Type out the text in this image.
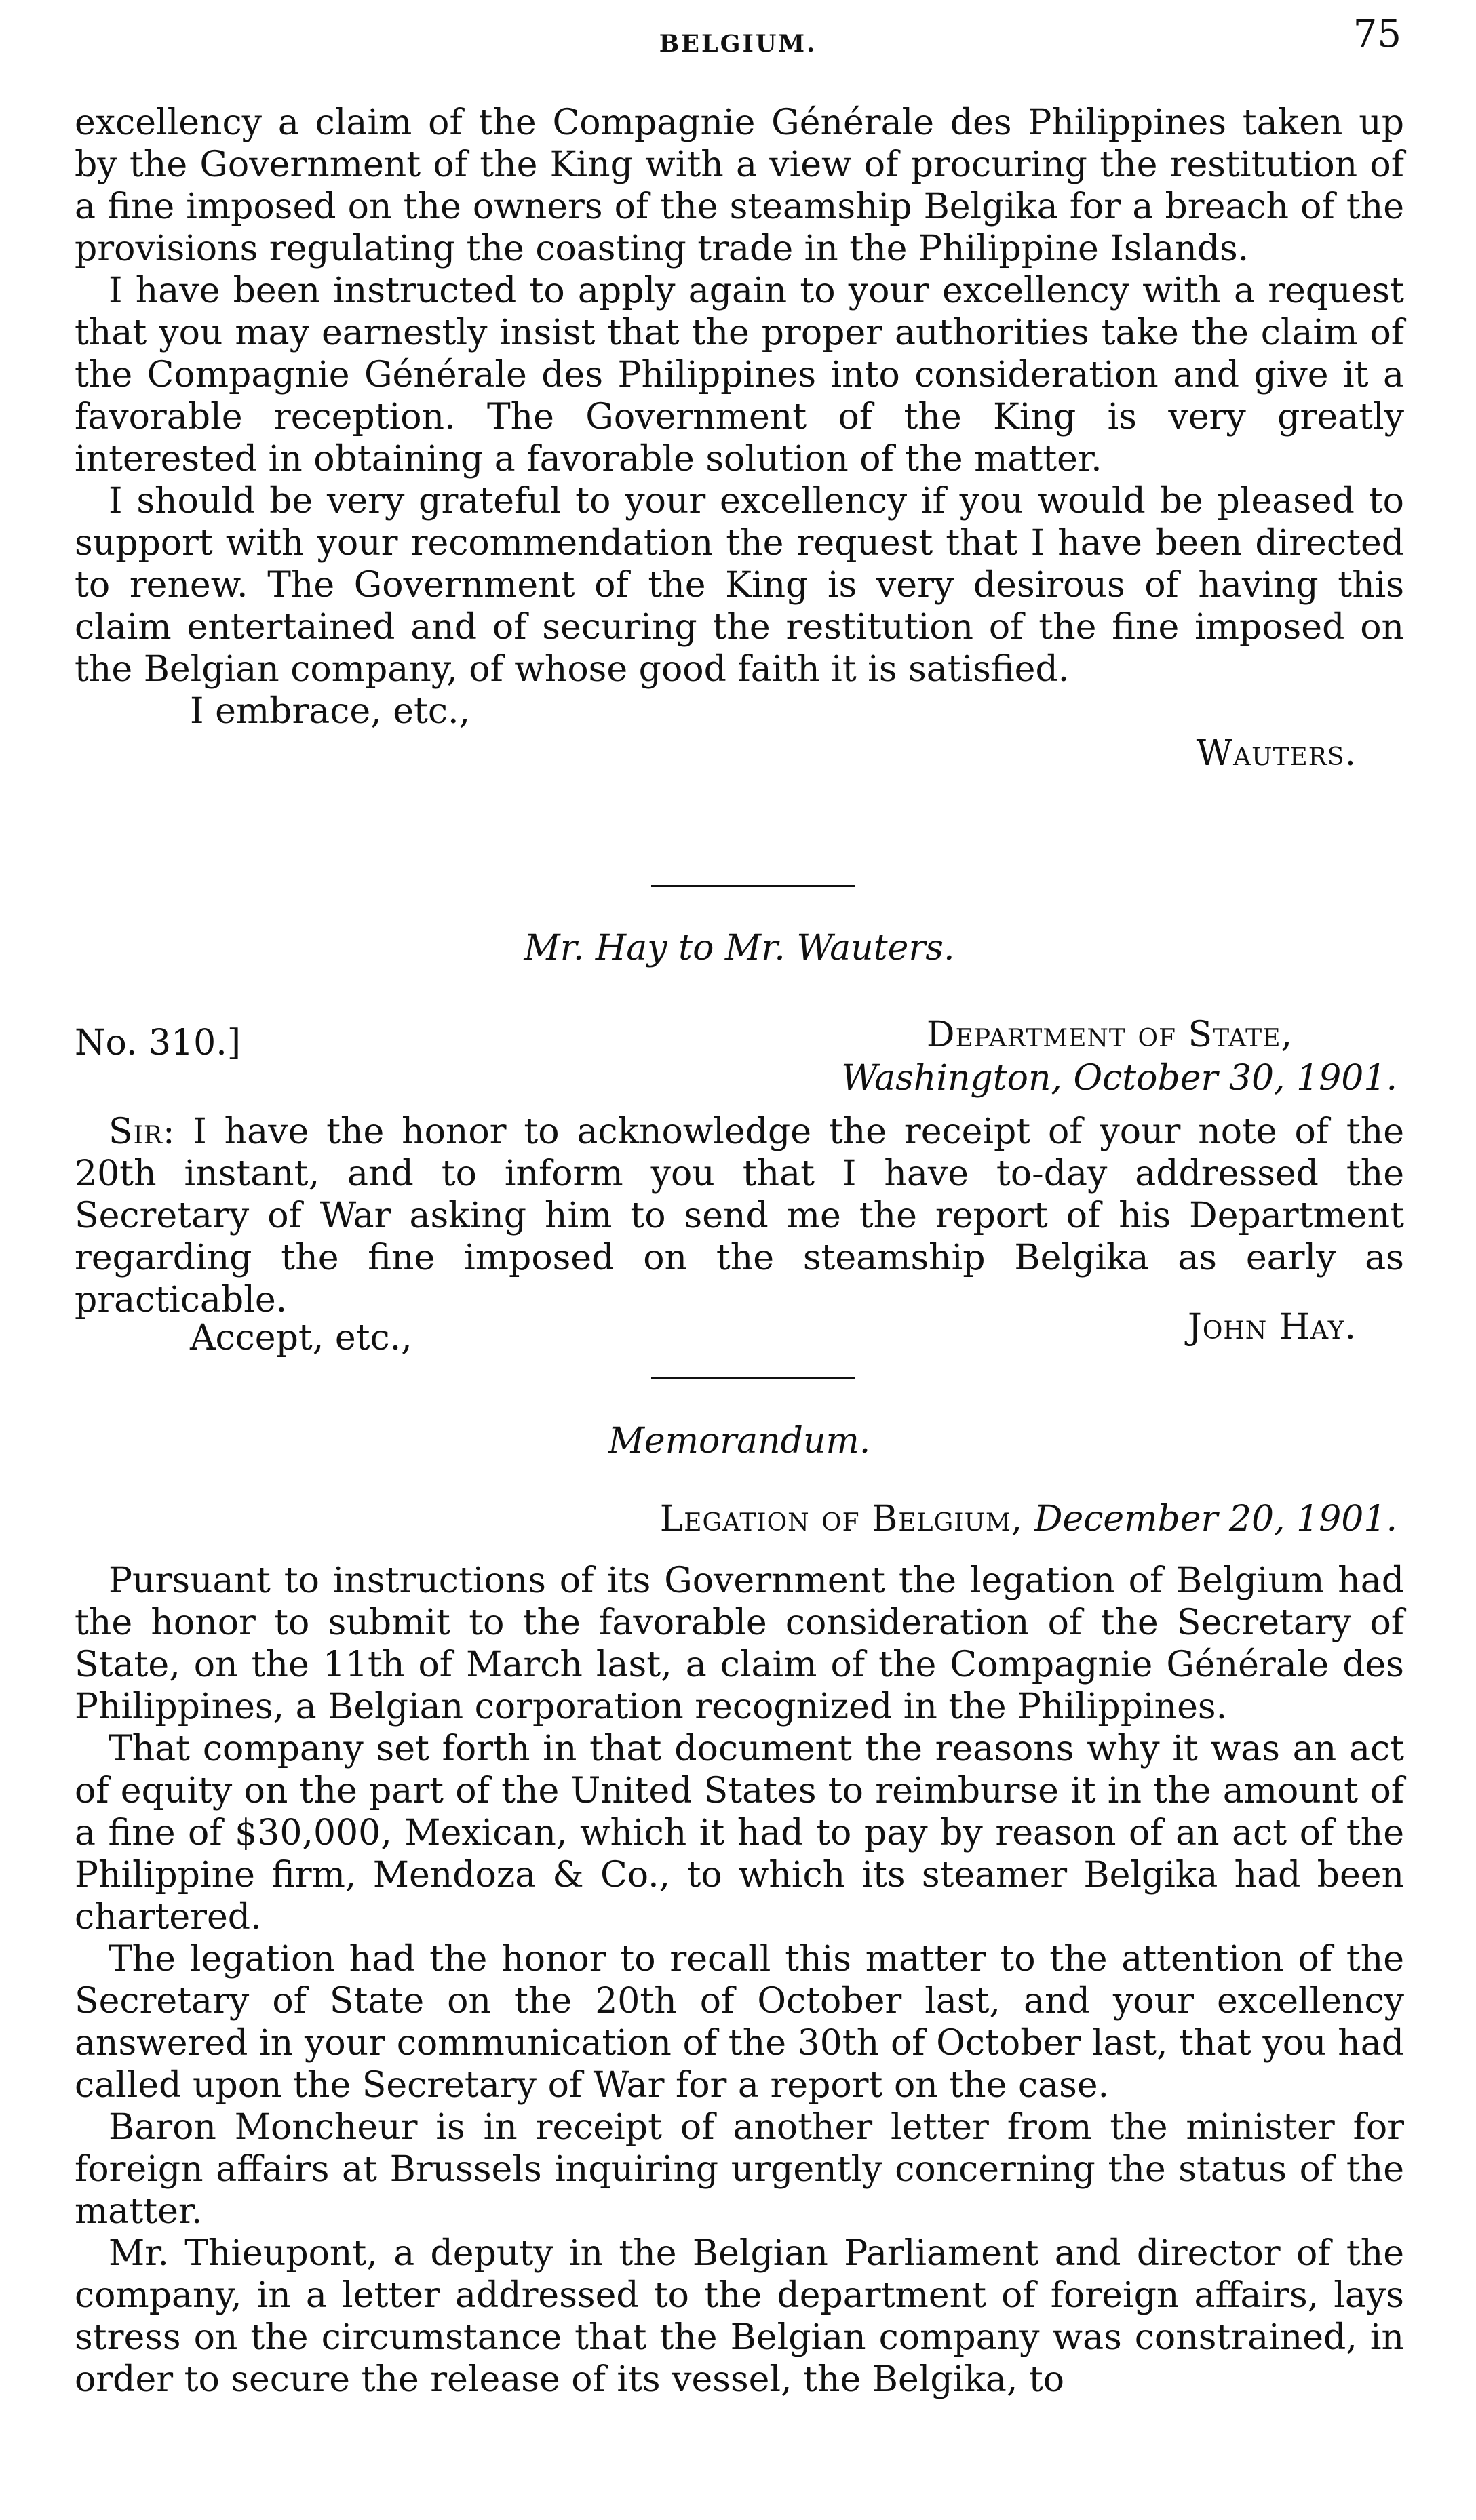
BELGIUM.	75

excellency a claim of the Compagnie Générale des Philippines taken up by the Government of the King with a view of procuring the restitution of a fine imposed on the owners of the steamship Belgika for a breach of the provisions regulating the coasting trade in the Philippine Islands.

I have been instructed to apply again to your excellency with a request that you may earnestly insist that the proper authorities take the claim of the Compagnie Générale des Philippines into consideration and give it a favorable reception. The Government of the King is very greatly interested in obtaining a favorable solution of the matter.

I should be very grateful to your excellency if you would be pleased to support with your recommendation the request that I have been directed to renew. The Government of the King is very desirous of having this claim entertained and of securing the restitution of the fine imposed on the Belgian company, of whose good faith it is satisfied.

I embrace, etc.,
Wauters.
Mr. Hay to Mr. Wauters.
No. 310.]	Department of State,
Washington, October 30, 1901.

Sir: I have the honor to acknowledge the receipt of your note of the 20th instant, and to inform you that I have to-day addressed the Secretary of War asking him to send me the report of his Department regarding the fine imposed on the steamship Belgika as early as practicable.

Accept, etc.,	John Hay.
Memorandum.
Legation of Belgium, December 20, 1901.

Pursuant to instructions of its Government the legation of Belgium had the honor to submit to the favorable consideration of the Secretary of State, on the 11th of March last, a claim of the Compagnie Générale des Philippines, a Belgian corporation recognized in the Philippines.

That company set forth in that document the reasons why it was an act of equity on the part of the United States to reimburse it in the amount of a fine of $30,000, Mexican, which it had to pay by reason of an act of the Philippine firm, Mendoza & Co., to which its steamer Belgika had been chartered.

The legation had the honor to recall this matter to the attention of the Secretary of State on the 20th of October last, and your excellency answered in your communication of the 30th of October last, that you had called upon the Secretary of War for a report on the case.

Baron Moncheur is in receipt of another letter from the minister for foreign affairs at Brussels inquiring urgently concerning the status of the matter.

Mr. Thieupont, a deputy in the Belgian Parliament and director of the company, in a letter addressed to the department of foreign affairs, lays stress on the circumstance that the Belgian company was constrained, in order to secure the release of its vessel, the Belgika, to
